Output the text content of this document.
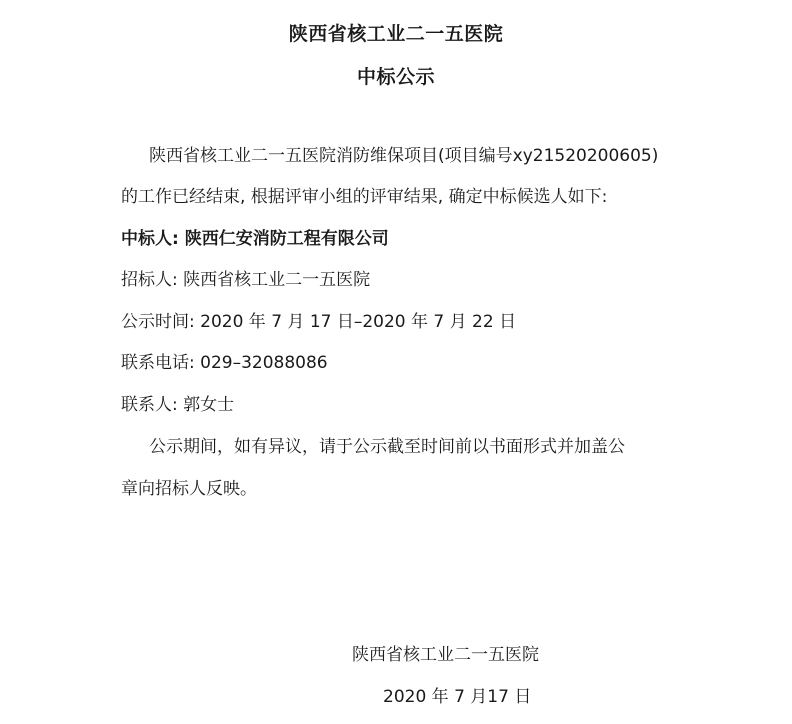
陕西省核工业二一五医院
中标公示
陕西省核工业二一五医院消防维保项目(项目编号xy21520200605)
的工作已经结束, 根据评审小组的评审结果, 确定中标候选人如下:
中标人: 陕西仁安消防工程有限公司
招标人: 陕西省核工业二一五医院
公示时间: 2020 年 7 月 17 日–2020 年 7 月 22 日
联系电话: 029–32088086
联系人: 郭女士
公示期间，如有异议，请于公示截至时间前以书面形式并加盖公
章向招标人反映。
陕西省核工业二一五医院
2020 年 7 月17 日
